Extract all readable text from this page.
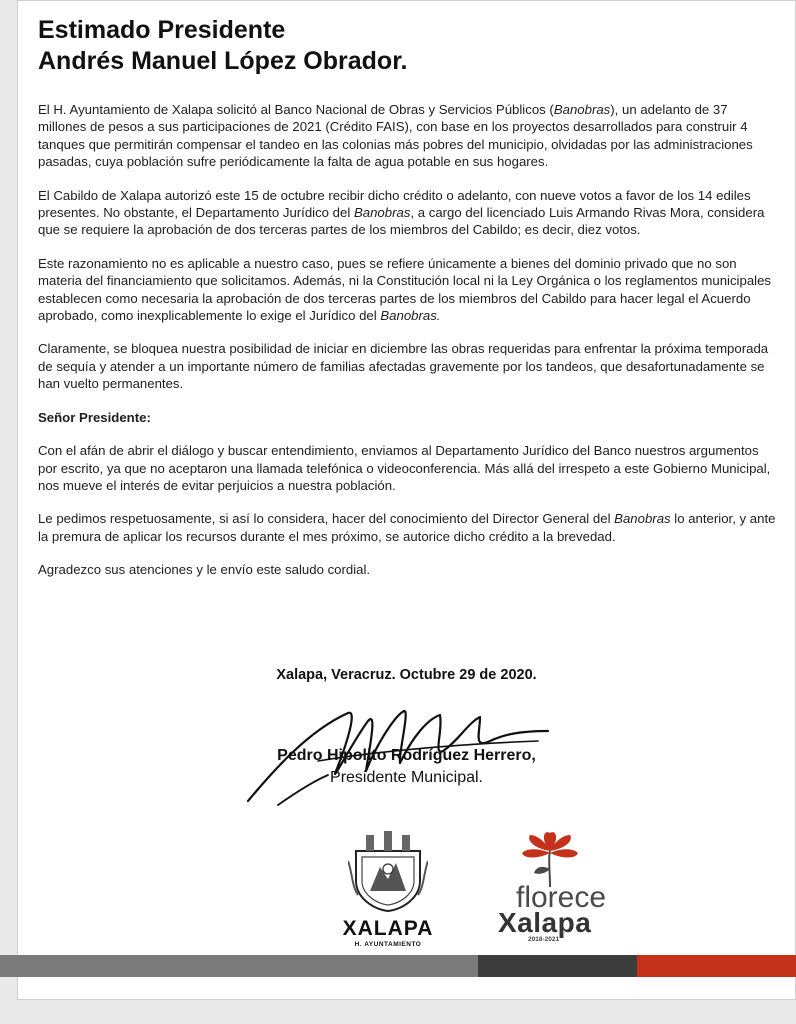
Estimado Presidente
Andrés Manuel López Obrador.

El H. Ayuntamiento de Xalapa solicitó al Banco Nacional de Obras y Servicios Públicos (Banobras), un adelanto de 37 millones de pesos a sus participaciones de 2021 (Crédito FAIS), con base en los proyectos desarrollados para construir 4 tanques que permitirán compensar el tandeo en las colonias más pobres del municipio, olvidadas por las administraciones pasadas, cuya población sufre periódicamente la falta de agua potable en sus hogares.

El Cabildo de Xalapa autorizó este 15 de octubre recibir dicho crédito o adelanto, con nueve votos a favor de los 14 ediles presentes. No obstante, el Departamento Jurídico del Banobras, a cargo del licenciado Luis Armando Rivas Mora, considera que se requiere la aprobación de dos terceras partes de los miembros del Cabildo; es decir, diez votos.

Este razonamiento no es aplicable a nuestro caso, pues se refiere únicamente a bienes del dominio privado que no son materia del financiamiento que solicitamos. Además, ni la Constitución local ni la Ley Orgánica o los reglamentos municipales establecen como necesaria la aprobación de dos terceras partes de los miembros del Cabildo para hacer legal el Acuerdo aprobado, como inexplicablemente lo exige el Jurídico del Banobras.

Claramente, se bloquea nuestra posibilidad de iniciar en diciembre las obras requeridas para enfrentar la próxima temporada de sequía y atender a un importante número de familias afectadas gravemente por los tandeos, que desafortunadamente se han vuelto permanentes.

Señor Presidente:

Con el afán de abrir el diálogo y buscar entendimiento, enviamos al Departamento Jurídico del Banco nuestros argumentos por escrito, ya que no aceptaron una llamada telefónica o videoconferencia. Más allá del irrespeto a este Gobierno Municipal, nos mueve el interés de evitar perjuicios a nuestra población.

Le pedimos respetuosamente, si así lo considera, hacer del conocimiento del Director General del Banobras lo anterior, y ante la premura de aplicar los recursos durante el mes próximo, se autorice dicho crédito a la brevedad.

Agradezco sus atenciones y le envío este saludo cordial.

Xalapa, Veracruz. Octubre 29 de 2020.
Pedro Hipolito Rodríguez Herrero,
Presidente Municipal.
XALAPA
H. AYUNTAMIENTO
florece
Xalapa
2018-2021
